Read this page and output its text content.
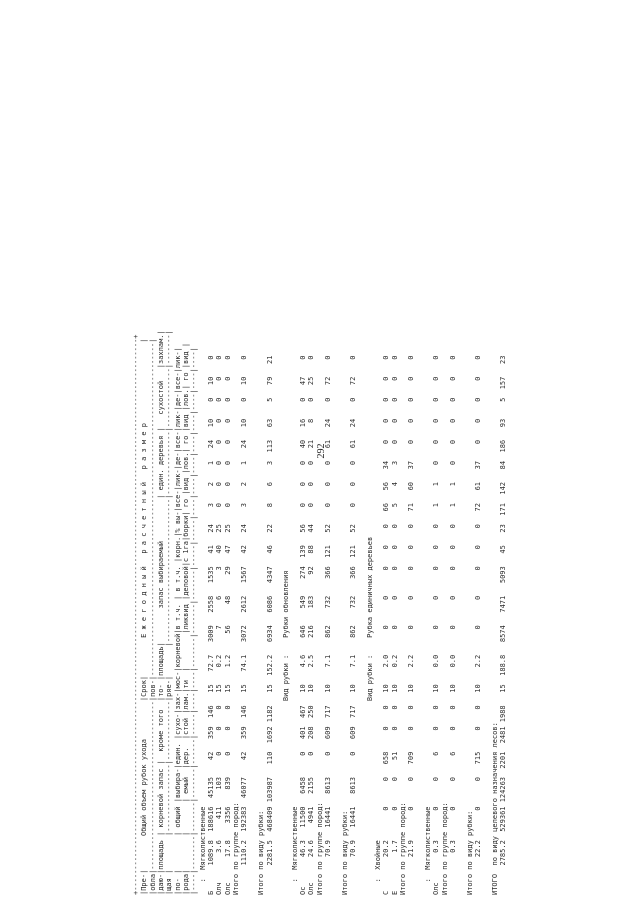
+-----------------------------------------------------------------------------------------------------------------------------------+
|Пре-|        Общий объем рубок ухода         |Срок|         Е ж е г о д н ы й   р а с ч е т н ы й   р а з м е р                   |
|обла|----------------------------------------|пов-|-------------------------------------------------------------------------------|
|даю-|площадь | корневой запас |  кроме того  |то- |площадь|        запас выбираемый          | един. деревья |   сухостой   |захлам.|
|щая |        |----------------|--------------|ряе-|       |----------------------------------|---------------|--------------|-------|
|по- |        | общий |выбира-|един. |сухо-|зах-|мос-|корневой|в т.ч. | в т.ч. |корн.|% вы-|все-|лик-|де-|все-|лик-|де-|все-|лик-|
|рода|        |       | емый  |дер.  |стой |лам.|ти  |        |ликвид |деловой|с 1га|борки| го |вид |лов.| го |вид |лов.| го |вид |
|----|--------|-------|-------|------|-----|----|----|-------|-------|-------|-----|-----|----|----|----|----|----|----|----|----|
:  Мягколиственные
Б      1089.8  188616  45135    42   359  146   15   72.7   3009   2558   1535   41   24    3    2    1   24   10    0   10    0
Олч       3.6     411    103     0     0    0   15    0.2      7      6      3   40   25    0    0    0    0    0    0    0    0
Олс      17.8    3356    839     0     0    0   15    1.2     56     48     29   47   25    0    0    0    0    0    0    0    0
Итого по группе пород:
1110.2  192383  46077    42   359  146   15   74.1   3072   2612   1567   42   24    3    2    1   24   10    0   10    0 Итого по виду рубки:
2281.5  468409 103987   110  1692 1182   15  152.2   6934   6086   4347   46   22    8    6    3  113   63    5   79   21

Вид рубки :    Рубки обновления
:  Мягколиственные
Ос       46.3   11500   6458     0   401  467   10    4.6    646    549    274  139   56    0    0    0   40   16    0   47    0
Олс      24.6    4941   2155     0   208  250   10    2.5    216    183     92   88   44    0    0    0   21    8    0   25    0
Итого по группе пород:
70.9   16441   8613     0   609  717   10    7.1    862    732    366  121   52    0    0    0   61   24    0   72    0 Итого по виду рубки:
70.9   16441   8613     0   609  717   10    7.1    862    732    366  121   52    0    0    0   61   24    0   72    0

Вид рубки :    Рубка единичных деревьев
:  Хвойные
С        20.2       0      0   658     0    0   10    2.0      0      0      0    0    0   66   56   34    0    0    0    0    0
Е         1.7       0      0    51     0    0   10    0.2      0      0      0    0    0    5    4    3    0    0    0    0    0
Итого по группе пород:
21.9       0      0   709     0    0   10    2.2      0      0      0    0    0   71   60   37    0    0    0    0    0

:  Мягколиственные
Олс       0.3       0      0     6     0    0   10    0.0      0      0      0    0    0    1    1    0    0    0    0    0    0
Итого по группе пород:
0.3       0      0     6     0    0   10    0.0      0      0      0    0    0    1    1    0    0    0    0    0    0 Итого по виду рубки:
22.2       0      0   715     0    0   10    2.2      0      0      0    0    0   72   61   37    0    0    0    0    0 ИТОГО  по виду целевого назначения лесов:
2785.2  529361 124263  2201  2481 1988   15  188.8   8574   7471   5093   45   23  171  142   84  186   93    5  157   23

292
